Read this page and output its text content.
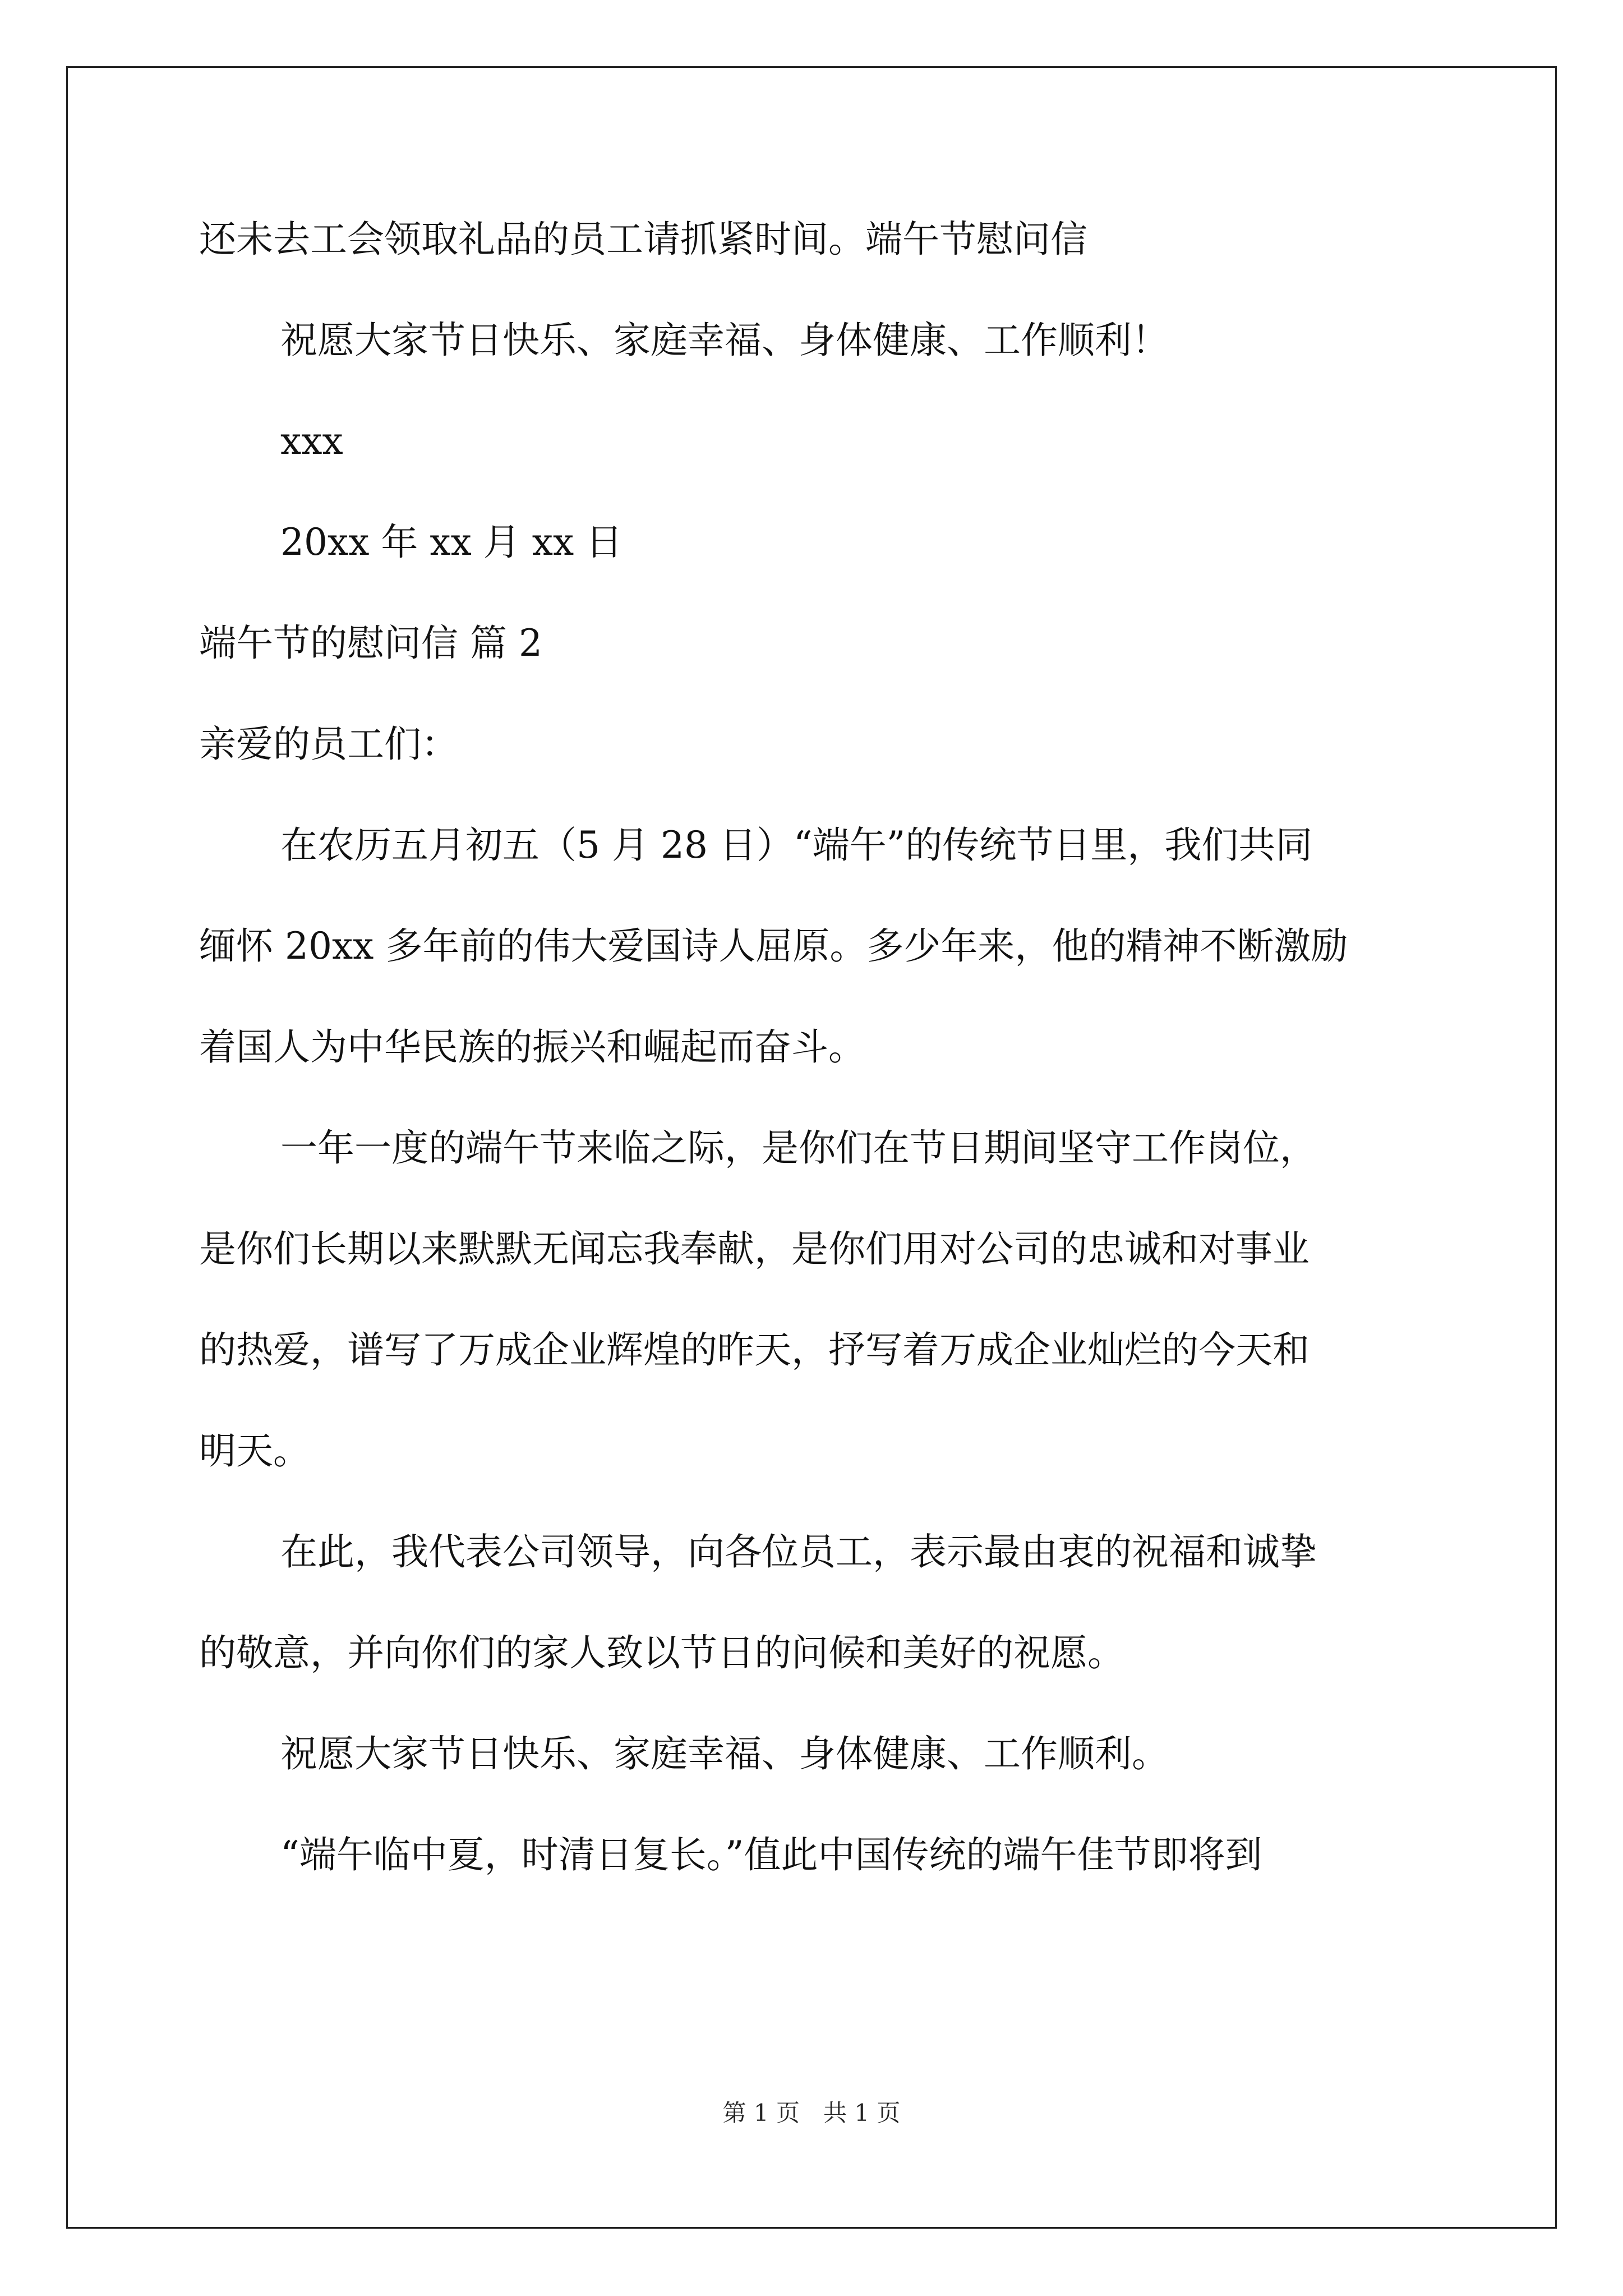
还未去工会领取礼品的员工请抓紧时间。端午节慰问信

祝愿大家节日快乐、家庭幸福、身体健康、工作顺利！

xxx

20xx 年 xx 月 xx 日

端午节的慰问信 篇 2

亲爱的员工们：

在农历五月初五（5 月 28 日）“端午”的传统节日里，我们共同

缅怀 20xx 多年前的伟大爱国诗人屈原。多少年来，他的精神不断激励

着国人为中华民族的振兴和崛起而奋斗。

一年一度的端午节来临之际，是你们在节日期间坚守工作岗位，

是你们长期以来默默无闻忘我奉献，是你们用对公司的忠诚和对事业

的热爱，谱写了万成企业辉煌的昨天，抒写着万成企业灿烂的今天和

明天。

在此，我代表公司领导，向各位员工，表示最由衷的祝福和诚挚

的敬意，并向你们的家人致以节日的问候和美好的祝愿。

祝愿大家节日快乐、家庭幸福、身体健康、工作顺利。

“端午临中夏，时清日复长。”值此中国传统的端午佳节即将到

第 1 页　共 1 页
